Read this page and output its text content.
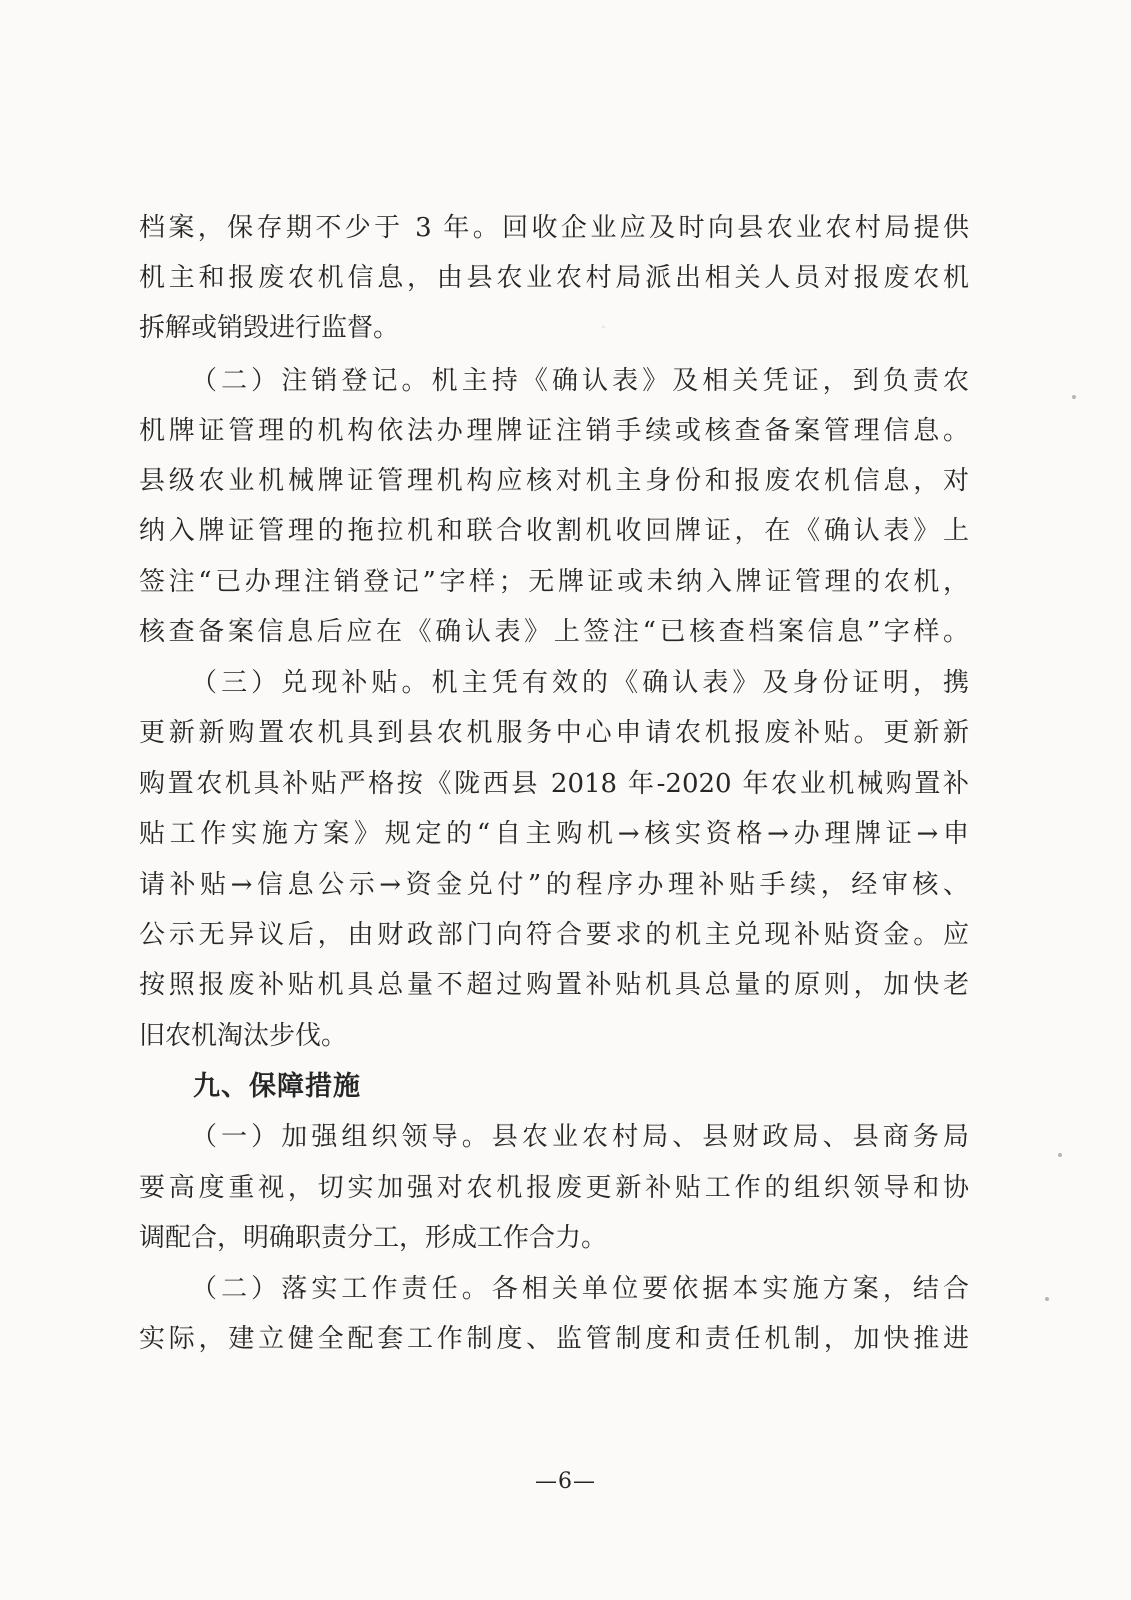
·
档案，保存期不少于 3 年。回收企业应及时向县农业农村局提供
机主和报废农机信息，由县农业农村局派出相关人员对报废农机
拆解或销毁进行监督。
（二）注销登记。机主持《确认表》及相关凭证，到负责农
机牌证管理的机构依法办理牌证注销手续或核查备案管理信息。
县级农业机械牌证管理机构应核对机主身份和报废农机信息，对
纳入牌证管理的拖拉机和联合收割机收回牌证，在《确认表》上
签注“已办理注销登记”字样；无牌证或未纳入牌证管理的农机，
核查备案信息后应在《确认表》上签注“已核查档案信息”字样。
（三）兑现补贴。机主凭有效的《确认表》及身份证明，携
更新新购置农机具到县农机服务中心申请农机报废补贴。更新新
购置农机具补贴严格按《陇西县 2018 年-2020 年农业机械购置补
贴工作实施方案》规定的“自主购机→核实资格→办理牌证→申
请补贴→信息公示→资金兑付”的程序办理补贴手续，经审核、
公示无异议后，由财政部门向符合要求的机主兑现补贴资金。应
按照报废补贴机具总量不超过购置补贴机具总量的原则，加快老
旧农机淘汰步伐。
九、保障措施
（一）加强组织领导。县农业农村局、县财政局、县商务局
要高度重视，切实加强对农机报废更新补贴工作的组织领导和协
调配合，明确职责分工，形成工作合力。
（二）落实工作责任。各相关单位要依据本实施方案，结合
实际，建立健全配套工作制度、监管制度和责任机制，加快推进
—6—
